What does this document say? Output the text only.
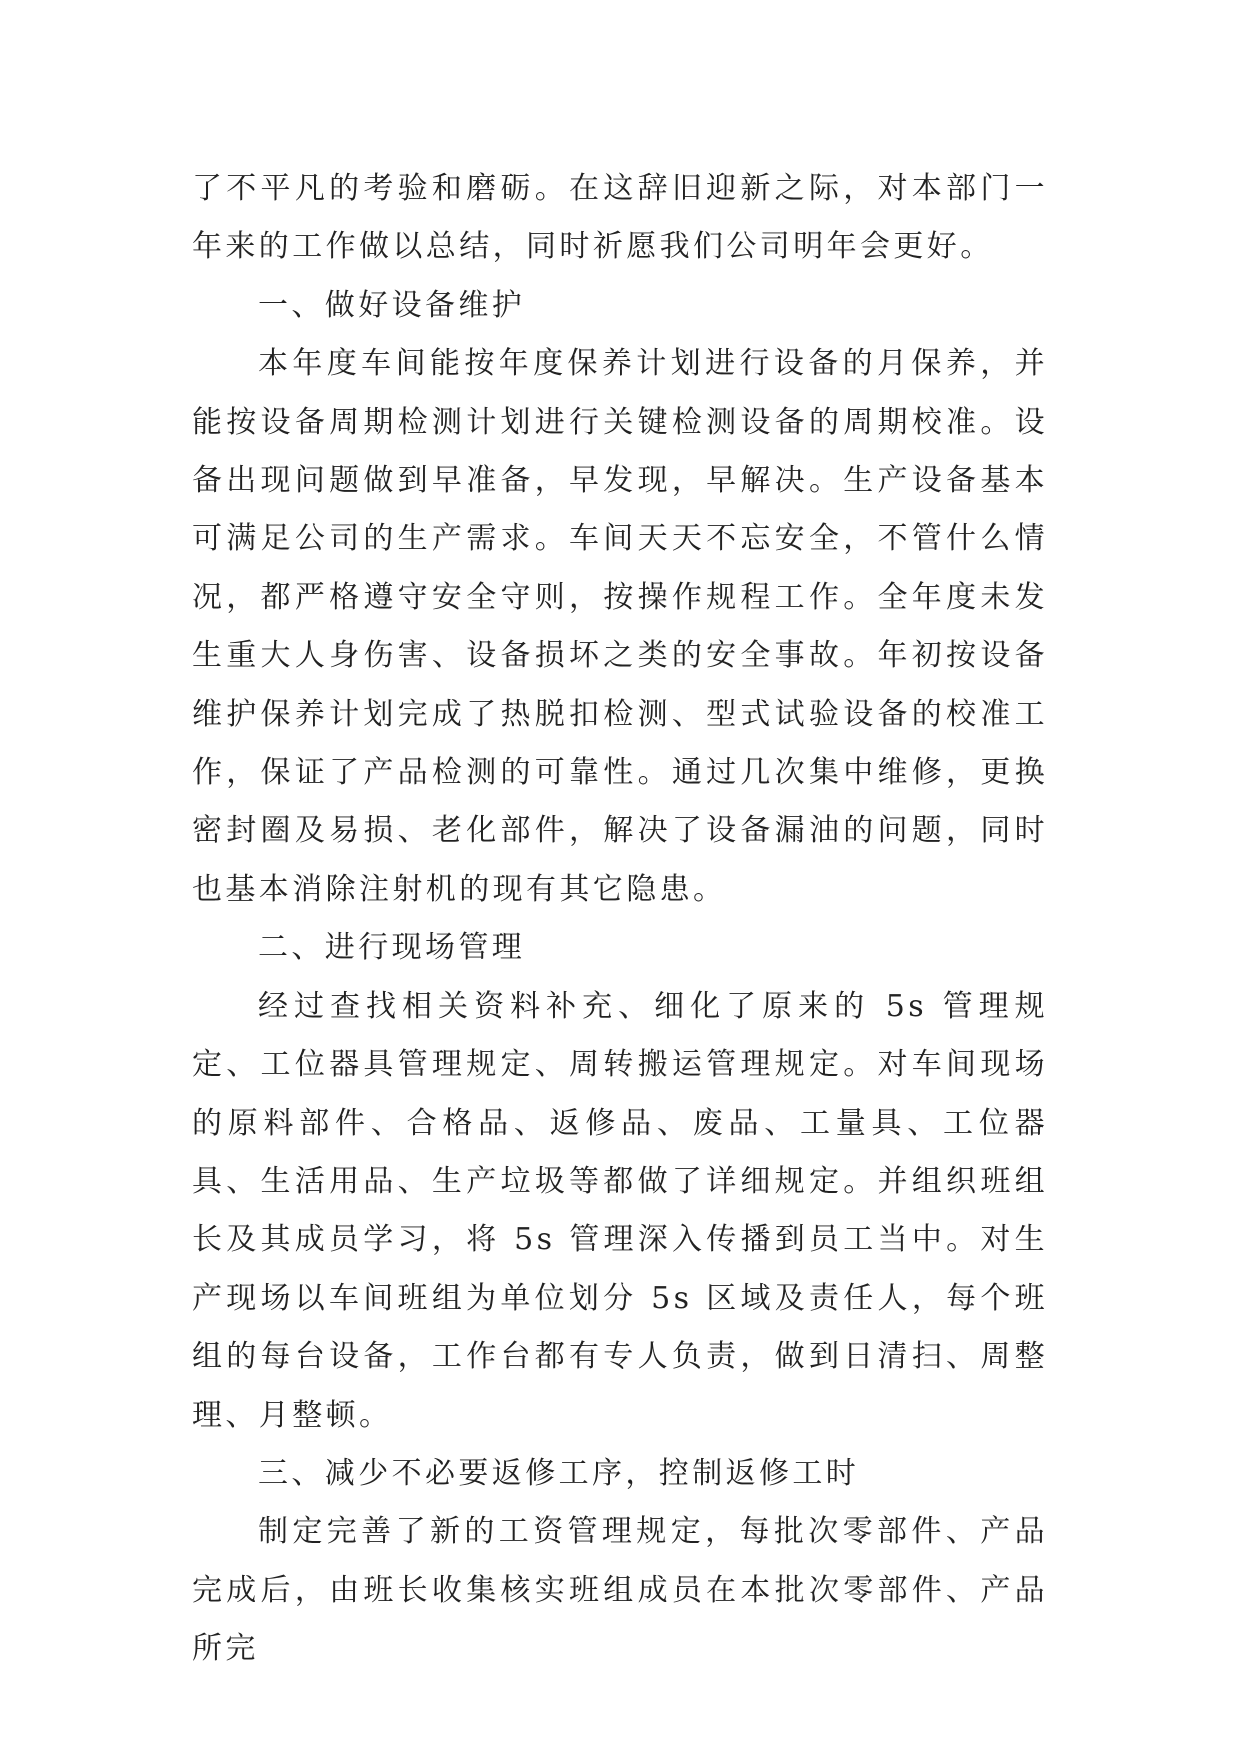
了不平凡的考验和磨砺。在这辞旧迎新之际，对本部门一年来的工作做以总结，同时祈愿我们公司明年会更好。

一、做好设备维护

本年度车间能按年度保养计划进行设备的月保养，并能按设备周期检测计划进行关键检测设备的周期校准。设备出现问题做到早准备，早发现，早解决。生产设备基本可满足公司的生产需求。车间天天不忘安全，不管什么情况，都严格遵守安全守则，按操作规程工作。全年度未发生重大人身伤害、设备损坏之类的安全事故。年初按设备维护保养计划完成了热脱扣检测、型式试验设备的校准工作，保证了产品检测的可靠性。通过几次集中维修，更换密封圈及易损、老化部件，解决了设备漏油的问题，同时也基本消除注射机的现有其它隐患。

二、进行现场管理

经过查找相关资料补充、细化了原来的 5s 管理规定、工位器具管理规定、周转搬运管理规定。对车间现场的原料部件、合格品、返修品、废品、工量具、工位器具、生活用品、生产垃圾等都做了详细规定。并组织班组长及其成员学习，将 5s 管理深入传播到员工当中。对生产现场以车间班组为单位划分 5s 区域及责任人，每个班组的每台设备，工作台都有专人负责，做到日清扫、周整理、月整顿。

三、减少不必要返修工序，控制返修工时

制定完善了新的工资管理规定，每批次零部件、产品完成后，由班长收集核实班组成员在本批次零部件、产品所完
